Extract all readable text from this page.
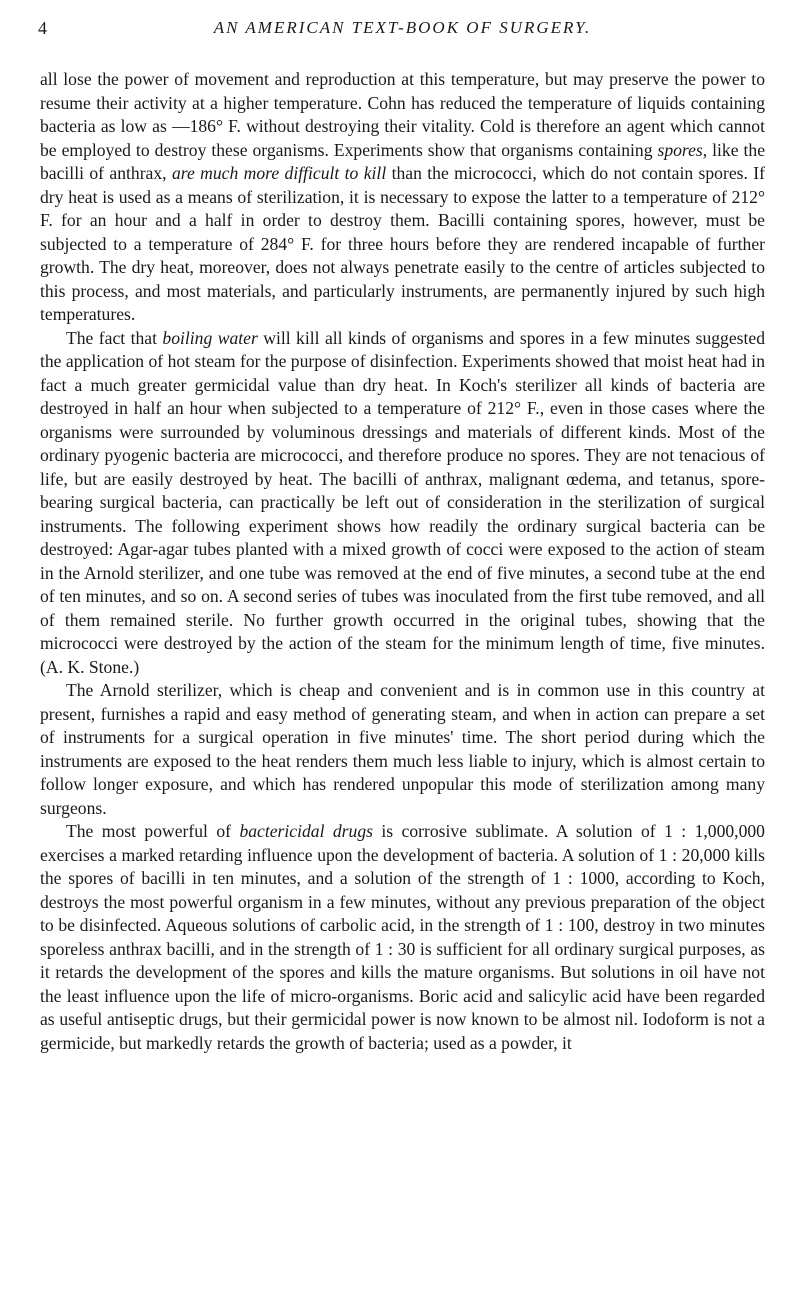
4	AN AMERICAN TEXT-BOOK OF SURGERY.

all lose the power of movement and reproduction at this temperature, but may preserve the power to resume their activity at a higher temperature. Cohn has reduced the temperature of liquids containing bacteria as low as —186° F. without destroying their vitality. Cold is therefore an agent which cannot be employed to destroy these organisms. Experiments show that organisms containing spores, like the bacilli of anthrax, are much more difficult to kill than the micrococci, which do not contain spores. If dry heat is used as a means of sterilization, it is necessary to expose the latter to a temperature of 212° F. for an hour and a half in order to destroy them. Bacilli containing spores, however, must be subjected to a temperature of 284° F. for three hours before they are rendered incapable of further growth. The dry heat, moreover, does not always penetrate easily to the centre of articles subjected to this process, and most materials, and particularly instruments, are permanently injured by such high temperatures.

The fact that boiling water will kill all kinds of organisms and spores in a few minutes suggested the application of hot steam for the purpose of disinfection. Experiments showed that moist heat had in fact a much greater germicidal value than dry heat. In Koch's sterilizer all kinds of bacteria are destroyed in half an hour when subjected to a temperature of 212° F., even in those cases where the organisms were surrounded by voluminous dressings and materials of different kinds. Most of the ordinary pyogenic bacteria are micrococci, and therefore produce no spores. They are not tenacious of life, but are easily destroyed by heat. The bacilli of anthrax, malignant œdema, and tetanus, spore-bearing surgical bacteria, can practically be left out of consideration in the sterilization of surgical instruments. The following experiment shows how readily the ordinary surgical bacteria can be destroyed: Agar-agar tubes planted with a mixed growth of cocci were exposed to the action of steam in the Arnold sterilizer, and one tube was removed at the end of five minutes, a second tube at the end of ten minutes, and so on. A second series of tubes was inoculated from the first tube removed, and all of them remained sterile. No further growth occurred in the original tubes, showing that the micrococci were destroyed by the action of the steam for the minimum length of time, five minutes. (A. K. Stone.)

The Arnold sterilizer, which is cheap and convenient and is in common use in this country at present, furnishes a rapid and easy method of generating steam, and when in action can prepare a set of instruments for a surgical operation in five minutes' time. The short period during which the instruments are exposed to the heat renders them much less liable to injury, which is almost certain to follow longer exposure, and which has rendered unpopular this mode of sterilization among many surgeons.

The most powerful of bactericidal drugs is corrosive sublimate. A solution of 1 : 1,000,000 exercises a marked retarding influence upon the development of bacteria. A solution of 1 : 20,000 kills the spores of bacilli in ten minutes, and a solution of the strength of 1 : 1000, according to Koch, destroys the most powerful organism in a few minutes, without any previous preparation of the object to be disinfected. Aqueous solutions of carbolic acid, in the strength of 1 : 100, destroy in two minutes sporeless anthrax bacilli, and in the strength of 1 : 30 is sufficient for all ordinary surgical purposes, as it retards the development of the spores and kills the mature organisms. But solutions in oil have not the least influence upon the life of micro-organisms. Boric acid and salicylic acid have been regarded as useful antiseptic drugs, but their germicidal power is now known to be almost nil. Iodoform is not a germicide, but markedly retards the growth of bacteria; used as a powder, it
